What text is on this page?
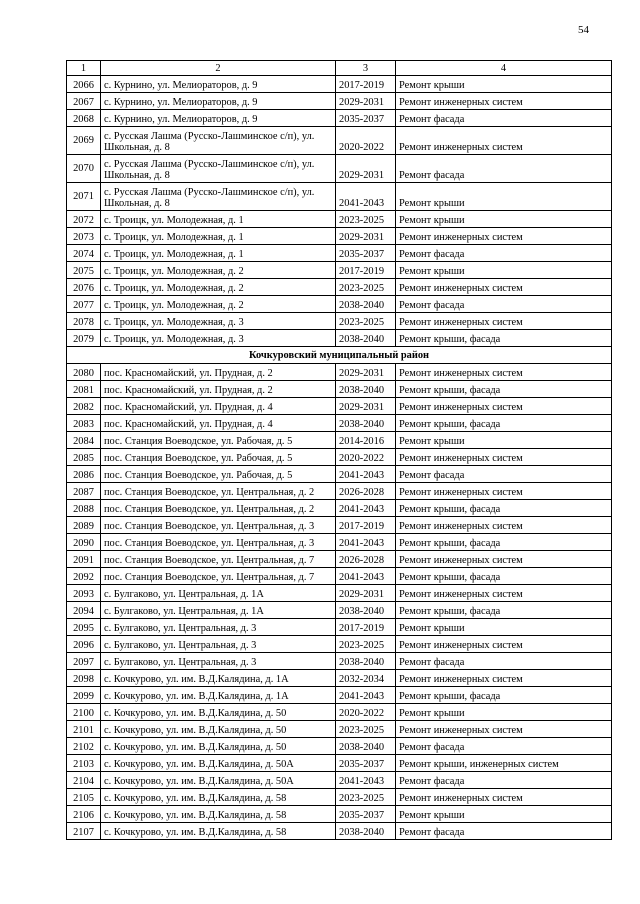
54
1	2	3	4
2066	с. Курнино, ул. Мелиораторов, д. 9	2017-2019	Ремонт крыши
2067	с. Курнино, ул. Мелиораторов, д. 9	2029-2031	Ремонт инженерных систем
2068	с. Курнино, ул. Мелиораторов, д. 9	2035-2037	Ремонт фасада
2069	с. Русская Лашма (Русско-Лашминское с/п), ул. Школьная, д. 8	2020-2022	Ремонт инженерных систем
2070	с. Русская Лашма (Русско-Лашминское с/п), ул. Школьная, д. 8	2029-2031	Ремонт фасада
2071	с. Русская Лашма (Русско-Лашминское с/п), ул. Школьная, д. 8	2041-2043	Ремонт крыши
2072	с. Троицк, ул. Молодежная, д. 1	2023-2025	Ремонт крыши
2073	с. Троицк, ул. Молодежная, д. 1	2029-2031	Ремонт инженерных систем
2074	с. Троицк, ул. Молодежная, д. 1	2035-2037	Ремонт фасада
2075	с. Троицк, ул. Молодежная, д. 2	2017-2019	Ремонт крыши
2076	с. Троицк, ул. Молодежная, д. 2	2023-2025	Ремонт инженерных систем
2077	с. Троицк, ул. Молодежная, д. 2	2038-2040	Ремонт фасада
2078	с. Троицк, ул. Молодежная, д. 3	2023-2025	Ремонт инженерных систем
2079	с. Троицк, ул. Молодежная, д. 3	2038-2040	Ремонт крыши, фасада
Кочкуровский муниципальный район			
2080	пос. Красномайский, ул. Прудная, д. 2	2029-2031	Ремонт инженерных систем
2081	пос. Красномайский, ул. Прудная, д. 2	2038-2040	Ремонт крыши, фасада
2082	пос. Красномайский, ул. Прудная, д. 4	2029-2031	Ремонт инженерных систем
2083	пос. Красномайский, ул. Прудная, д. 4	2038-2040	Ремонт крыши, фасада
2084	пос. Станция Воеводское, ул. Рабочая, д. 5	2014-2016	Ремонт крыши
2085	пос. Станция Воеводское, ул. Рабочая, д. 5	2020-2022	Ремонт инженерных систем
2086	пос. Станция Воеводское, ул. Рабочая, д. 5	2041-2043	Ремонт фасада
2087	пос. Станция Воеводское, ул. Центральная, д. 2	2026-2028	Ремонт инженерных систем
2088	пос. Станция Воеводское, ул. Центральная, д. 2	2041-2043	Ремонт крыши, фасада
2089	пос. Станция Воеводское, ул. Центральная, д. 3	2017-2019	Ремонт инженерных систем
2090	пос. Станция Воеводское, ул. Центральная, д. 3	2041-2043	Ремонт крыши, фасада
2091	пос. Станция Воеводское, ул. Центральная, д. 7	2026-2028	Ремонт инженерных систем
2092	пос. Станция Воеводское, ул. Центральная, д. 7	2041-2043	Ремонт крыши, фасада
2093	с. Булгаково, ул. Центральная, д. 1А	2029-2031	Ремонт инженерных систем
2094	с. Булгаково, ул. Центральная, д. 1А	2038-2040	Ремонт крыши, фасада
2095	с. Булгаково, ул. Центральная, д. 3	2017-2019	Ремонт крыши
2096	с. Булгаково, ул. Центральная, д. 3	2023-2025	Ремонт инженерных систем
2097	с. Булгаково, ул. Центральная, д. 3	2038-2040	Ремонт фасада
2098	с. Кочкурово, ул. им. В.Д.Калядина, д. 1А	2032-2034	Ремонт инженерных систем
2099	с. Кочкурово, ул. им. В.Д.Калядина, д. 1А	2041-2043	Ремонт крыши, фасада
2100	с. Кочкурово, ул. им. В.Д.Калядина, д. 50	2020-2022	Ремонт крыши
2101	с. Кочкурово, ул. им. В.Д.Калядина, д. 50	2023-2025	Ремонт инженерных систем
2102	с. Кочкурово, ул. им. В.Д.Калядина, д. 50	2038-2040	Ремонт фасада
2103	с. Кочкурово, ул. им. В.Д.Калядина, д. 50А	2035-2037	Ремонт крыши, инженерных систем
2104	с. Кочкурово, ул. им. В.Д.Калядина, д. 50А	2041-2043	Ремонт фасада
2105	с. Кочкурово, ул. им. В.Д.Калядина, д. 58	2023-2025	Ремонт инженерных систем
2106	с. Кочкурово, ул. им. В.Д.Калядина, д. 58	2035-2037	Ремонт крыши
2107	с. Кочкурово, ул. им. В.Д.Калядина, д. 58	2038-2040	Ремонт фасада
